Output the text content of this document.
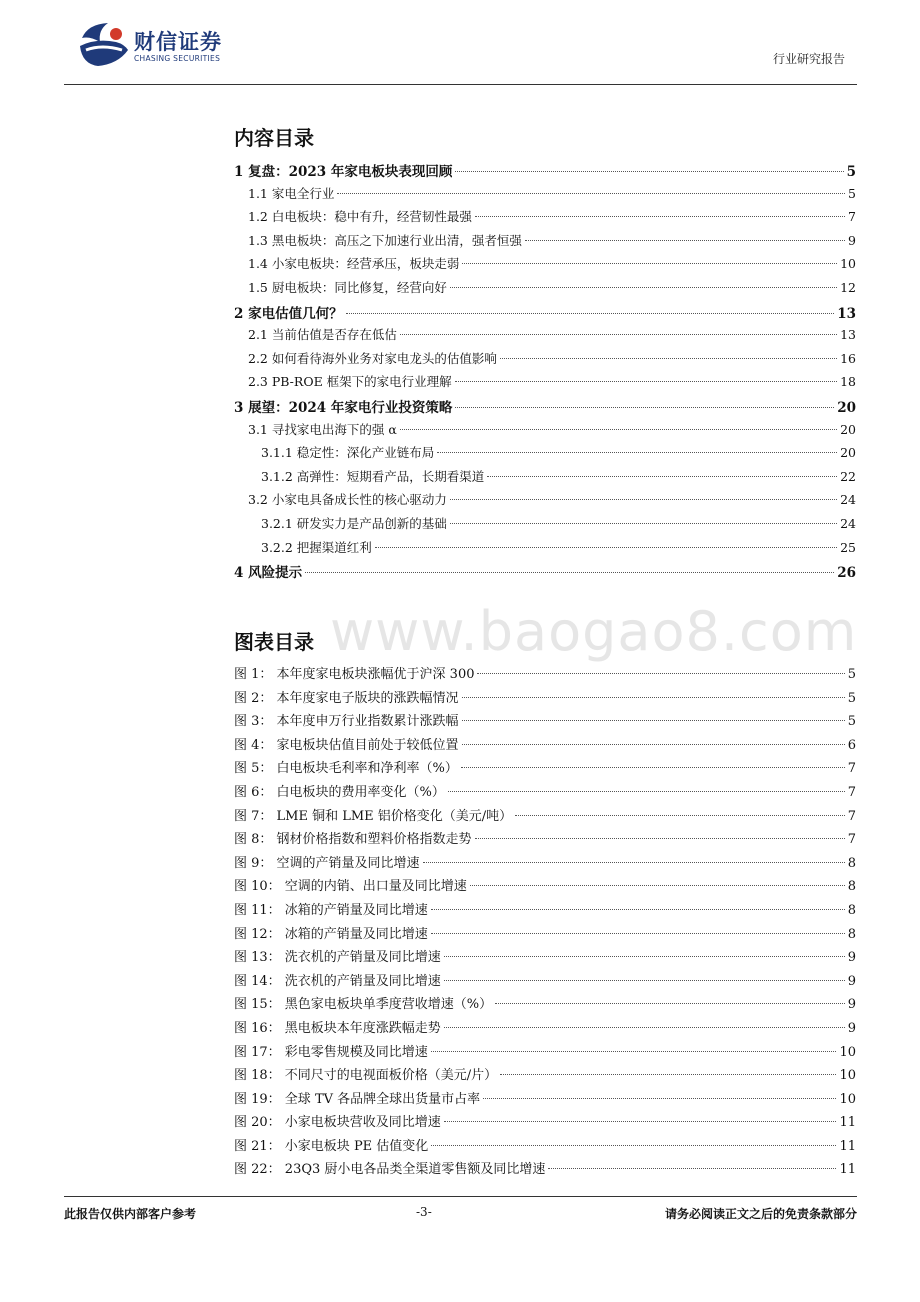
财信证券
CHASING SECURITIES	行业研究报告
内容目录
1 复盘：2023 年家电板块表现回顾	5
1.1 家电全行业	5
1.2 白电板块：稳中有升，经营韧性最强	7
1.3 黑电板块：高压之下加速行业出清，强者恒强	9
1.4 小家电板块：经营承压，板块走弱	10
1.5 厨电板块：同比修复，经营向好	12
2 家电估值几何？	13
2.1 当前估值是否存在低估	13
2.2 如何看待海外业务对家电龙头的估值影响	16
2.3 PB-ROE 框架下的家电行业理解	18
3 展望：2024 年家电行业投资策略	20
3.1 寻找家电出海下的强 α	20
3.1.1 稳定性：深化产业链布局	20
3.1.2 高弹性：短期看产品，长期看渠道	22
3.2 小家电具备成长性的核心驱动力	24
3.2.1 研发实力是产品创新的基础	24
3.2.2 把握渠道红利	25
4 风险提示	26
www.baogao8.com
图表目录
图 1： 本年度家电板块涨幅优于沪深 300	5
图 2： 本年度家电子版块的涨跌幅情况	5
图 3： 本年度申万行业指数累计涨跌幅	5
图 4： 家电板块估值目前处于较低位置	6
图 5： 白电板块毛利率和净利率（%）	7
图 6： 白电板块的费用率变化（%）	7
图 7： LME 铜和 LME 铝价格变化（美元/吨）	7
图 8： 钢材价格指数和塑料价格指数走势	7
图 9： 空调的产销量及同比增速	8
图 10： 空调的内销、出口量及同比增速	8
图 11： 冰箱的产销量及同比增速	8
图 12： 冰箱的产销量及同比增速	8
图 13： 洗衣机的产销量及同比增速	9
图 14： 洗衣机的产销量及同比增速	9
图 15： 黑色家电板块单季度营收增速（%）	9
图 16： 黑电板块本年度涨跌幅走势	9
图 17： 彩电零售规模及同比增速	10
图 18： 不同尺寸的电视面板价格（美元/片）	10
图 19： 全球 TV 各品牌全球出货量市占率	10
图 20： 小家电板块营收及同比增速	11
图 21： 小家电板块 PE 估值变化	11
图 22： 23Q3 厨小电各品类全渠道零售额及同比增速	11
此报告仅供内部客户参考	-3-	请务必阅读正文之后的免责条款部分
